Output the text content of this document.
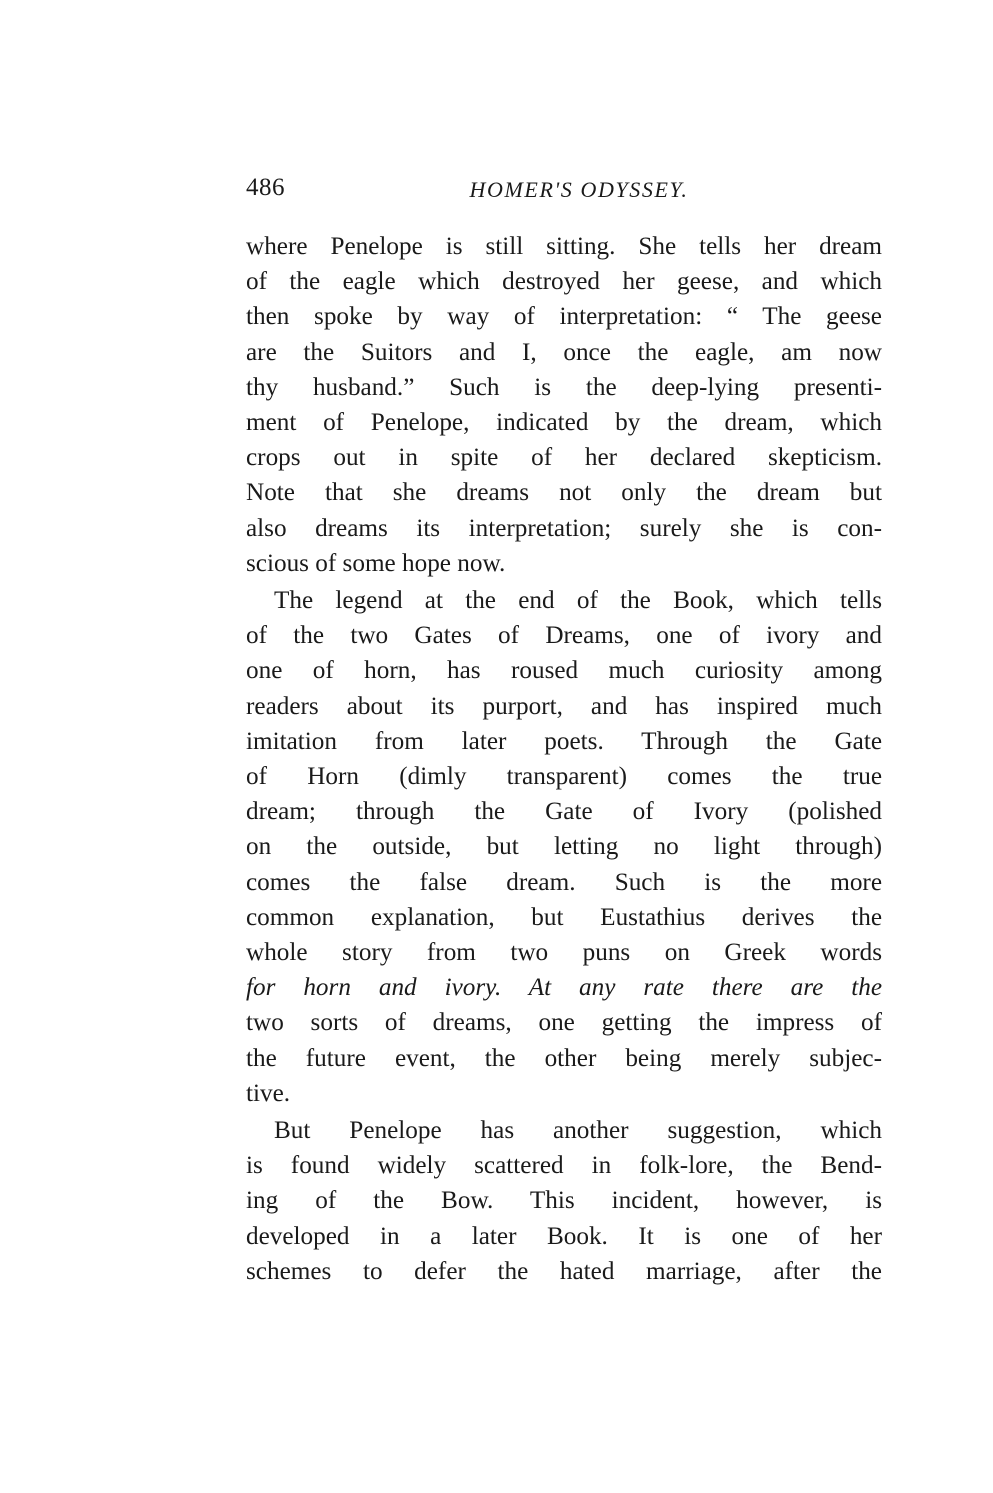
486	HOMER'S ODYSSEY.

where Penelope is still sitting. She tells her dream
of the eagle which destroyed her geese, and which
then spoke by way of interpretation: “ The geese
are the Suitors and I, once the eagle, am now
thy husband.” Such is the deep-lying presenti-
ment of Penelope, indicated by the dream, which
crops out in spite of her declared skepticism.
Note that she dreams not only the dream but
also dreams its interpretation; surely she is con-
scious of some hope now.

The legend at the end of the Book, which tells
of the two Gates of Dreams, one of ivory and
one of horn, has roused much curiosity among
readers about its purport, and has inspired much
imitation from later poets. Through the Gate
of Horn (dimly transparent) comes the true
dream; through the Gate of Ivory (polished
on the outside, but letting no light through)
comes the false dream. Such is the more
common explanation, but Eustathius derives the
whole story from two puns on Greek words
for horn and ivory. At any rate there are the
two sorts of dreams, one getting the impress of
the future event, the other being merely subjec-
tive.

But Penelope has another suggestion, which
is found widely scattered in folk-lore, the Bend-
ing of the Bow. This incident, however, is
developed in a later Book. It is one of her
schemes to defer the hated marriage, after the
